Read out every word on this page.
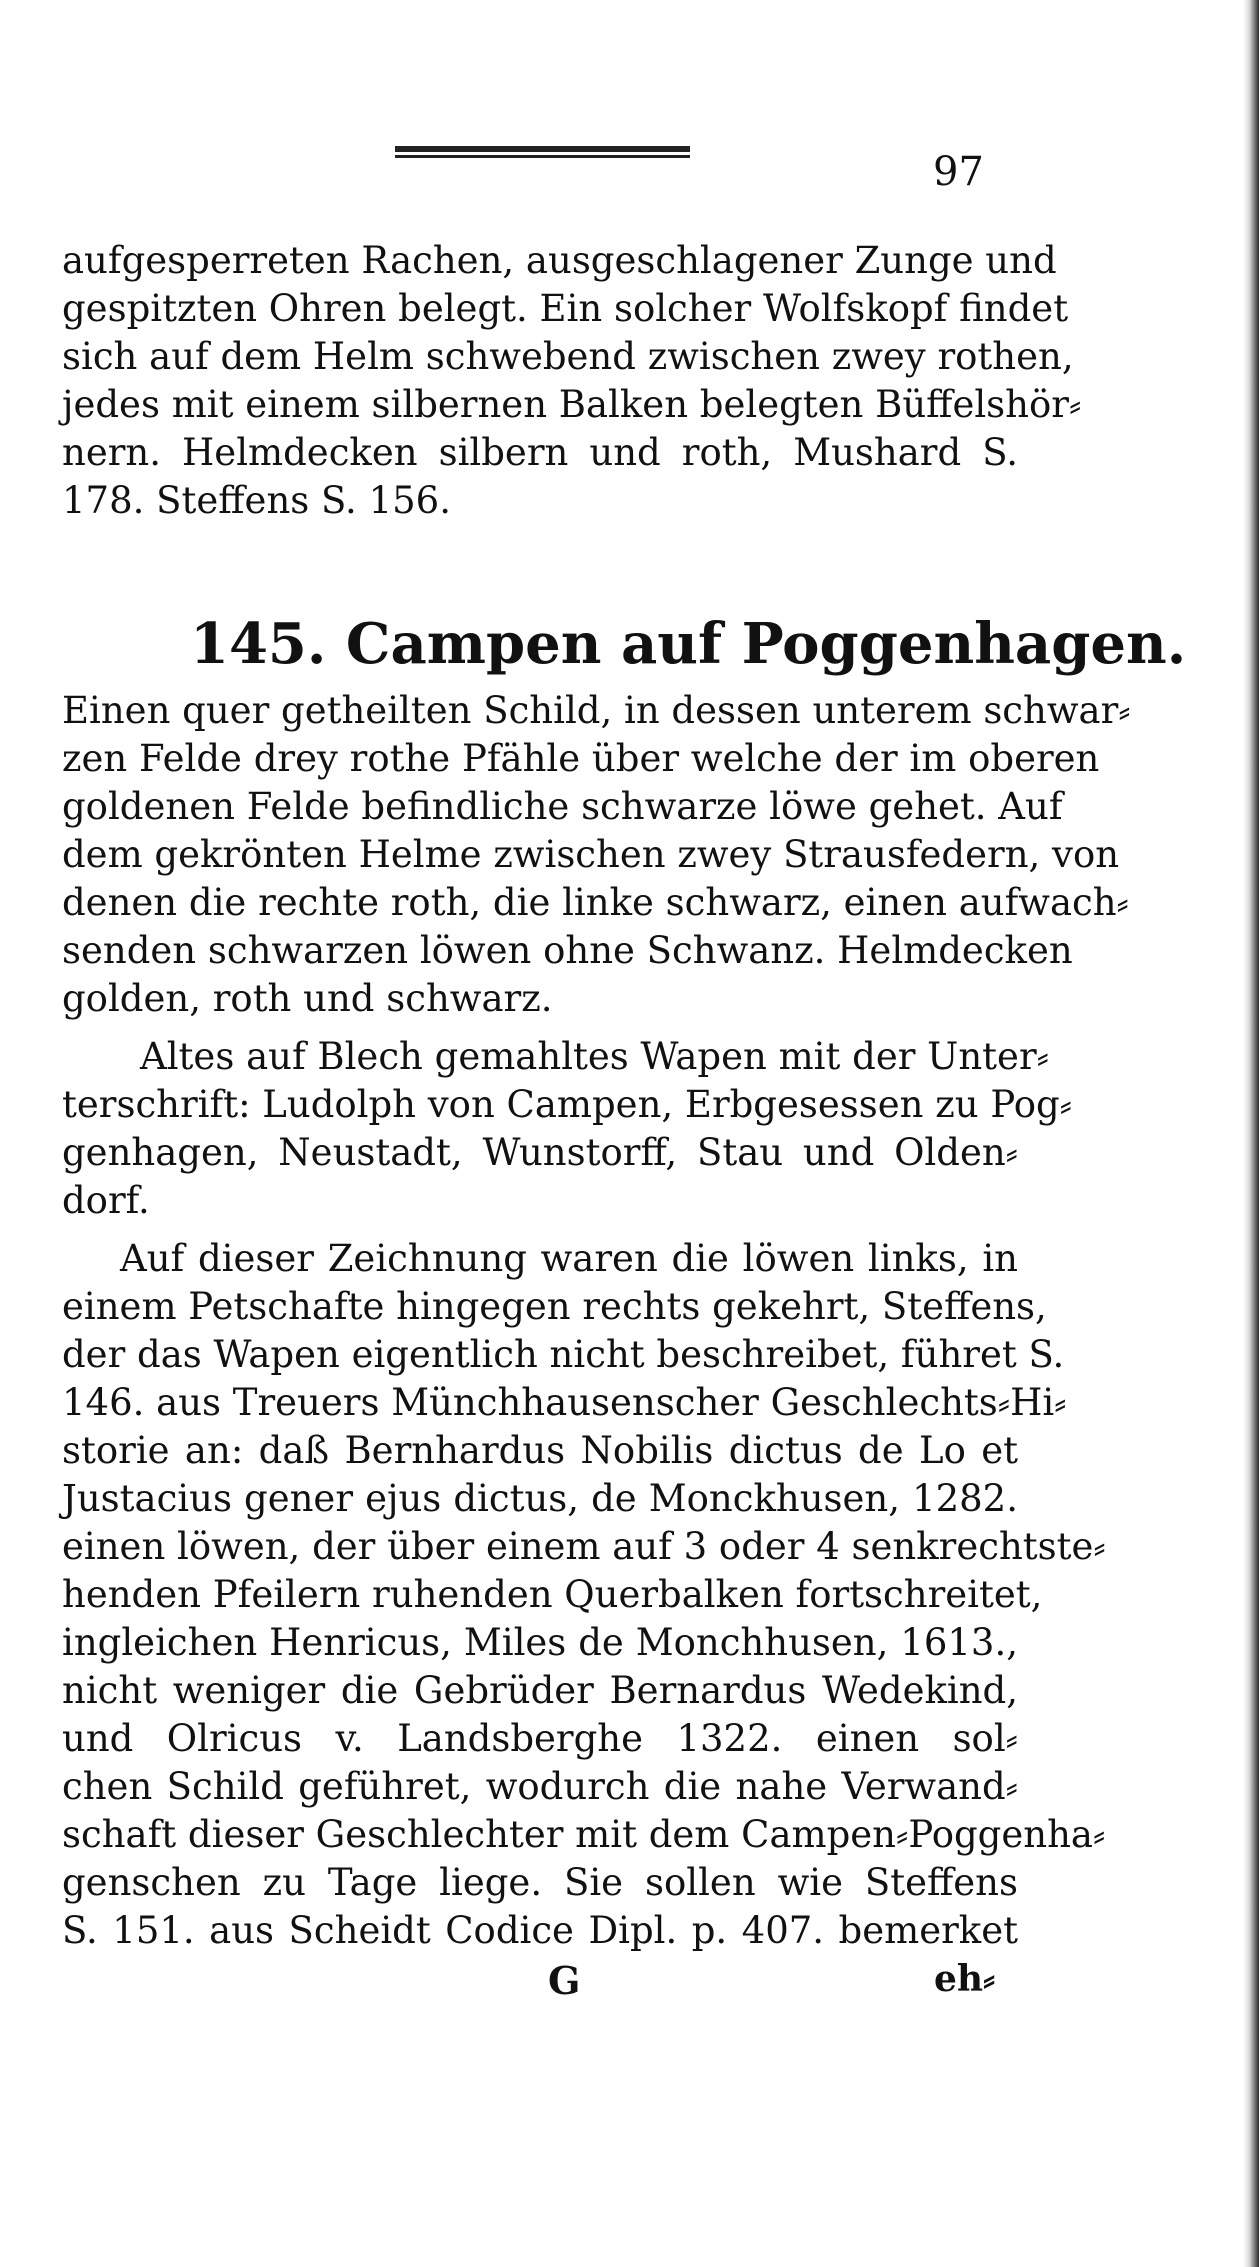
97
aufgesperreten Rachen, ausgeschlagener Zunge und
gespitzten Ohren belegt. Ein solcher Wolfskopf findet
sich auf dem Helm schwebend zwischen zwey rothen,
jedes mit einem silbernen Balken belegten Büffelshör⸗
nern. Helmdecken silbern und roth, Mushard S.
178. Steffens S. 156.
145. Campen auf Poggenhagen.
Einen quer getheilten Schild, in dessen unterem schwar⸗
zen Felde drey rothe Pfähle über welche der im oberen
goldenen Felde befindliche schwarze löwe gehet. Auf
dem gekrönten Helme zwischen zwey Strausfedern, von
denen die rechte roth, die linke schwarz, einen aufwach⸗
senden schwarzen löwen ohne Schwanz. Helmdecken
golden, roth und schwarz.
Altes auf Blech gemahltes Wapen mit der Unter⸗
terschrift: Ludolph von Campen, Erbgesessen zu Pog⸗
genhagen, Neustadt, Wunstorff, Stau und Olden⸗
dorf.
Auf dieser Zeichnung waren die löwen links, in
einem Petschafte hingegen rechts gekehrt, Steffens,
der das Wapen eigentlich nicht beschreibet, führet S.
146. aus Treuers Münchhausenscher Geschlechts⸗Hi⸗
storie an: daß Bernhardus Nobilis dictus de Lo et
Justacius gener ejus dictus, de Monckhusen, 1282.
einen löwen, der über einem auf 3 oder 4 senkrechtste⸗
henden Pfeilern ruhenden Querbalken fortschreitet,
ingleichen Henricus, Miles de Monchhusen, 1613.,
nicht weniger die Gebrüder Bernardus Wedekind,
und Olricus v. Landsberghe 1322. einen sol⸗
chen Schild geführet, wodurch die nahe Verwand⸗
schaft dieser Geschlechter mit dem Campen⸗Poggenha⸗
genschen zu Tage liege. Sie sollen wie Steffens
S. 151. aus Scheidt Codice Dipl. p. 407. bemerket
G	eh⸗
